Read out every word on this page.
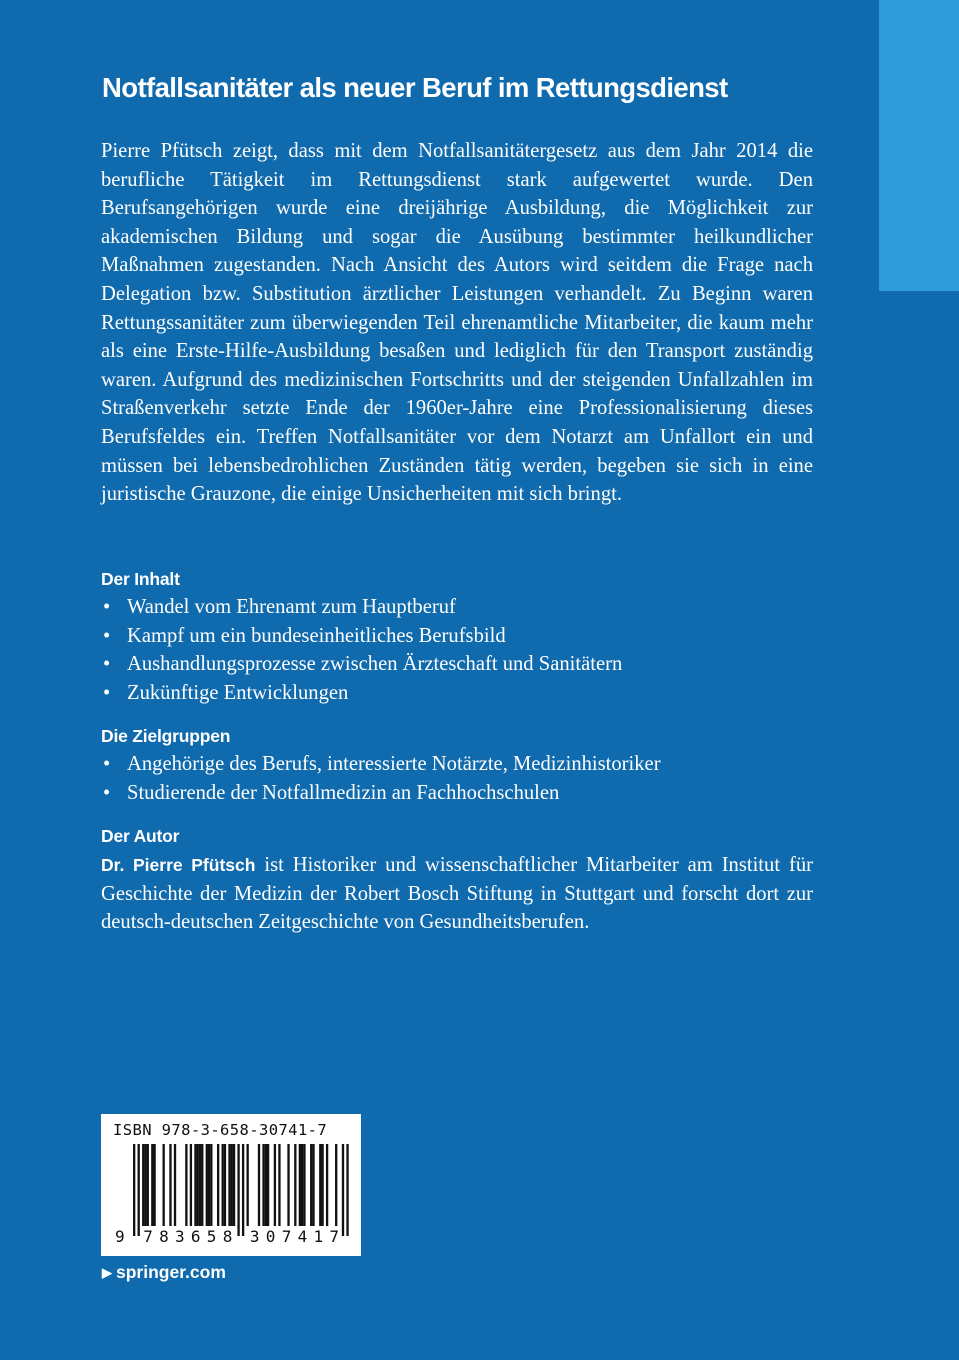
Notfallsanitäter als neuer Beruf im Rettungsdienst

Pierre Pfütsch zeigt, dass mit dem Notfallsanitätergesetz aus dem Jahr 2014 die berufliche Tätigkeit im Rettungsdienst stark aufgewertet wurde. Den Berufsangehörigen wurde eine dreijährige Ausbildung, die Möglichkeit zur akademischen Bildung und sogar die Ausübung bestimmter heilkundlicher Maßnahmen zugestanden. Nach Ansicht des Autors wird seitdem die Frage nach Delegation bzw. Substitution ärztlicher Leistungen verhandelt. Zu Beginn waren Rettungssanitäter zum überwiegenden Teil ehrenamtliche Mitarbeiter, die kaum mehr als eine Erste-Hilfe-Ausbildung besaßen und lediglich für den Transport zuständig waren. Aufgrund des medizinischen Fortschritts und der steigenden Unfallzahlen im Straßenverkehr setzte Ende der 1960er-Jahre eine Professionalisierung dieses Berufsfeldes ein. Treffen Notfallsanitäter vor dem Notarzt am Unfallort ein und müssen bei lebensbedrohlichen Zuständen tätig werden, begeben sie sich in eine juristische Grauzone, die einige Unsicherheiten mit sich bringt.

Der Inhalt
• Wandel vom Ehrenamt zum Hauptberuf
• Kampf um ein bundeseinheitliches Berufsbild
• Aushandlungsprozesse zwischen Ärzteschaft und Sanitätern
• Zukünftige Entwicklungen
Die Zielgruppen
• Angehörige des Berufs, interessierte Notärzte, Medizinhistoriker
• Studierende der Notfallmedizin an Fachhochschulen
Der Autor

Dr. Pierre Pfütsch ist Historiker und wissenschaftlicher Mitarbeiter am Institut für Geschichte der Medizin der Robert Bosch Stiftung in Stuttgart und forscht dort zur deutsch-deutschen Zeitgeschichte von Gesundheitsberufen.

ISBN 978-3-658-30741-7
9 7 8 3 6 5 8 3 0 7 4 1 7
▶ springer.com
